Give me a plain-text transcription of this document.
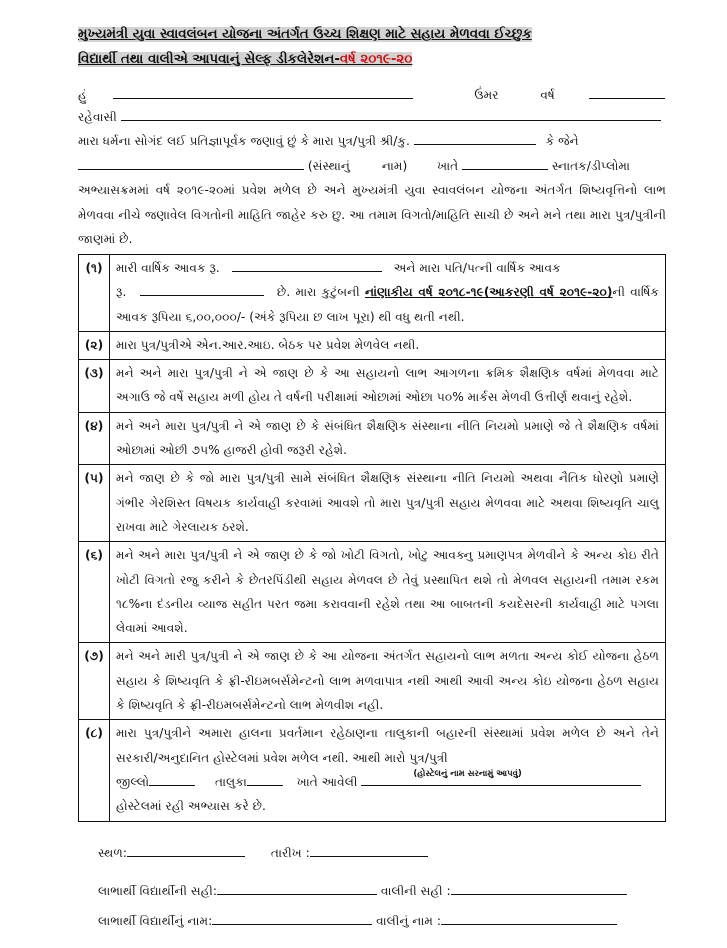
મુખ્યમંત્રી યુવા સ્વાવલંબન યોજના અંતર્ગત ઉચ્ચ શિક્ષણ માટે સહાય મેળવવા ઈચ્છુક
વિદ્યાર્થી તથા વાલીએ આપવાનું સેલ્ફ ડીકલેરેશન-વર્ષ ૨૦૧૯-૨૦
હું	ઉંમર	વર્ષ
રહેવાસી
મારા ધર્મના સોગંદ લઈ પ્રતિજ્ઞાપૂર્વક જણાવું છું કે મારા પુત્ર/પુત્રી શ્રી/કુ.	કે જેને
(સંસ્થાનું	નામ) ખાતે	સ્નાતક/ડીપ્લોમા
અભ્યાસક્રમમાં વર્ષ ૨૦૧૯-૨૦માં પ્રવેશ મળેલ છે અને મુખ્યમંત્રી યુવા સ્વાવલંબન યોજના અંતર્ગત શિષ્યવૃત્તિનો લાભ મેળવવા નીચે જણાવેલ વિગતોની માહિતિ જાહેર કરુ છુ. આ તમામ વિગતો/માહિતિ સાચી છે અને મને તથા મારા પુત્ર/પુત્રીની જાણમાં છે.
(૧)	મારી વાર્ષિક આવક રૂ. અને મારા પતિ/પત્ની વાર્ષિક આવક
રૂ. છે. મારા કુટુંબની નાંણાકીય વર્ષ ૨૦૧૮-૧૯(આકરણી વર્ષ ૨૦૧૯-૨૦)ની વાર્ષિક આવક રૂપિયા ૬,૦૦,૦૦૦/- (અંકે રૂપિયા છ લાખ પૂરા) થી વધુ થતી નથી.
(૨)	મારા પુત્ર/પુત્રીએ એન.આર.આઇ. બેઠક પર પ્રવેશ મેળવેલ નથી.
(૩)	મને અને મારા પુત્ર/પુત્રી ને એ જાણ છે કે આ સહાયનો લાભ આગળના ક્રમિક શૈક્ષણિક વર્ષમાં મેળવવા માટે અગાઉ જે વર્ષે સહાય મળી હોય તે વર્ષની પરીક્ષામાં ઓછામાં ઓછા ૫૦% માર્કસ મેળવી ઉત્તીર્ણ થવાનું રહેશે.
(૪)	મને અને મારા પુત્ર/પુત્રી ને એ જાણ છે કે સંબંધિત શૈક્ષણિક સંસ્થાના નીતિ નિયમો પ્રમાણે જે તે શૈક્ષણિક વર્ષમાં ઓછામાં ઓછી ૭૫% હાજરી હોવી જરૂરી રહેશે.
(૫)	મને જાણ છે કે જો મારા પુત્ર/પુત્રી સામે સંબંધિત શૈક્ષણિક સંસ્થાના નીતિ નિયમો અથવા નૈતિક ધોરણો પ્રમાણે ગંભીર ગેરશિસ્ત વિષયક કાર્યવાહી કરવામાં આવશે તો મારા પુત્ર/પુત્રી સહાય મેળવવા માટે અથવા શિષ્યવૃતિ ચાલુ રાખવા માટે ગેરલાયક ઠરશે.
(૬)	મને અને મારા પુત્ર/પુત્રી ને એ જાણ છે કે જો ખોટી વિગતો, ખોટુ આવક્નુ પ્રમાણપત્ર મેળવીને કે અન્ય કોઇ રીતે ખોટી વિગતો રજુ કરીને કે છેતરપિંડીથી સહાય મેળવલ છે તેવું પ્રસ્થાપિત થશે તો મેળવલ સહાયની તમામ રકમ ૧૮%ના દંડનીય વ્યાજ સહીત પરત જમા કરાવવાની રહેશે તથા આ બાબતની કયદેસરની કાર્યવાહી માટે પગલા લેવામાં આવશે.
(૭)	મને અને મારી પુત્ર/પુત્રી ને એ જાણ છે કે આ યોજના અંતર્ગત સહાયનો લાભ મળતા અન્ય કોઈ યોજના હેઠળ સહાય કે શિષ્યવૃતિ કે ફ્રી-રીઇમબર્સમેન્ટનો લાભ મળવાપાત્ર નથી આથી આવી અન્ય કોઇ યોજના હેઠળ સહાય કે શિષ્યવૃતિ કે ફ્રી-રીઇમબર્સમેન્ટનો લાભ મેળવીશ નહી.
(૮)	મારા પુત્ર/પુત્રીને અમારા હાલના પ્રવર્તમાન રહેઠાણના તાલુકાની બહારની સંસ્થામાં પ્રવેશ મળેલ છે અને તેને સરકારી/અનુદાનિત હોસ્ટેલમાં પ્રવેશ મળેલ નથી. આથી મારો પુત્ર/પુત્રી
જીલ્લો તાલુકા ખાતે આવેલી
(હોસ્ટેલનું નામ સરનામું આપવું)

હોસ્ટેલમાં રહી અભ્યાસ કરે છે.
સ્થળ:	તારીખ :
લાભાર્થી વિદ્યાર્થીની સહી:	વાલીની સહી :
લાભાર્થી વિદ્યાર્થીનું નામ:	વાલીનું નામ :
